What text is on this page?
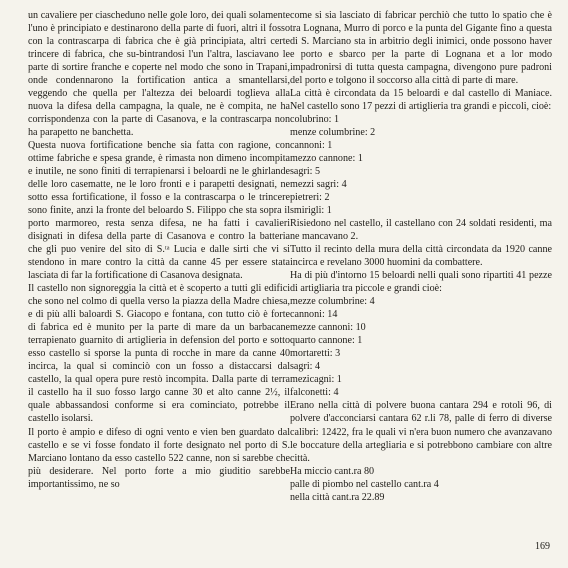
un cavaliere per ciascheduno nelle gole loro, dei quali solamente l'uno è principiato e destinarono della parte di fuori, altri il fosso con la contrascarpa di fabrica che è già principiata, altri certe trincere di fabrica, che su-bintrandosi l'un l'altra, lasciavano le parte di sortire franche e coperte nel modo che sono in Trapani, onde condennarono la fortification antica a smantellarsi, veggendo che quella per l'altezza dei beloardi toglieva alla nuova la difesa della campagna, la quale, ne è compita, ne ha corrispondenza con la parte di Casanova, e la contrascarpa non ha parapetto ne banchetta.

Questa nuova fortificatione benche sia fatta con ragione, con ottime fabriche e spesa grande, è rimasta non dimeno incompita e inutile, ne sono finiti di terrapienarsi i beloardi ne le ghirlande delle loro casematte, ne le loro fronti e i parapetti designati, ne sotto essa fortificatione, il fosso e la contrascarpa o le trincere sono finite, anzi la fronte del beloardo S. Filippo che sta sopra il porto marmoreo, resta senza difesa, ne ha fatti i cavalieri disignati in difesa della parte di Casanova e contro la batteria che gli puo venire del sito di S.ᵗᵃ Lucia e dalle sirti che vi si stendono in mare contro la città da canne 45 per essere stata lasciata di far la fortificatione di Casanova designata.

Il castello non signoreggia la città et è scoperto a tutti gli edifici che sono nel colmo di quella verso la piazza della Madre chiesa, e di più alli baloardi S. Giacopo e fontana, con tutto ciò è forte di fabrica ed è munito per la parte di mare da un barbacane terrapienato guarnito di artiglieria in defension del porto e sotto esso castello si sporse la punta di rocche in mare da canne 40 incirca, la qual si cominciò con un fosso a distaccarsi dal castello, la qual opera pure restò incompita. Dalla parte di terra il castello ha il suo fosso largo canne 30 et alto canne 2½, il quale abbassandosi conforme si era cominciato, potrebbe il castello isolarsi.

Il porto è ampio e difeso di ogni vento e vien ben guardato dal castello e se vi fosse fondato il forte designato nel porto di S. Marciano lontano da esso castello 522 canne, non si sarebbe che più desiderare. Nel porto forte a mio giuditio sarebbe importantissimo, ne so

come si sia lasciato di fabricar perchiò che tutto lo spatio che è tra Lognana, Murro di porco e la punta del Gigante fino a questa di S. Marciano sta in arbitrio degli inimici, onde possono haver e porto e sbarco per la parte di Lognana et a lor modo impadronirsi di tutta questa campagna, divengono pure padroni del porto e tolgono il soccorso alla città di parte di mare.

La città è circondata da 15 beloardi e dal castello di Maniace. Nel castello sono 17 pezzi di artiglieria tra grandi e piccoli, cioè:

colubrino: 1
menze columbrine: 2
cannoni: 1
mezzo cannone: 1
sagri: 5
mezzi sagri: 4
pietreri: 2
smirigli: 1

Risiedono nel castello, il castellano con 24 soldati residenti, ma ne mancavano 2.

Tutto il recinto della mura della città circondata da 1920 canne incirca e revelano 3000 huomini da combattere.

Ha di più d'intorno 15 beloardi nelli quali sono ripartiti 41 pezze di artigliaria tra piccole e grandi cioè:

mezze columbrine: 4
cannoni: 14
mezze cannoni: 10
quarto cannone: 1
mortaretti: 3
sagri: 4
mezicagni: 1
falconetti: 4

Erano nella città di polvere buona cantara 294 e rotoli 96, di polvere d'acconciarsi cantara 62 r.li 78, palle di ferro di diverse calibri: 12422, fra le quali vi n'era buon numero che avanzavano le boccature della artegliaria e si potrebbono cambiare con altre città.

Ha miccio cant.ra 80
palle di piombo nel castello cant.ra 4
nella città cant.ra 22.89
169
